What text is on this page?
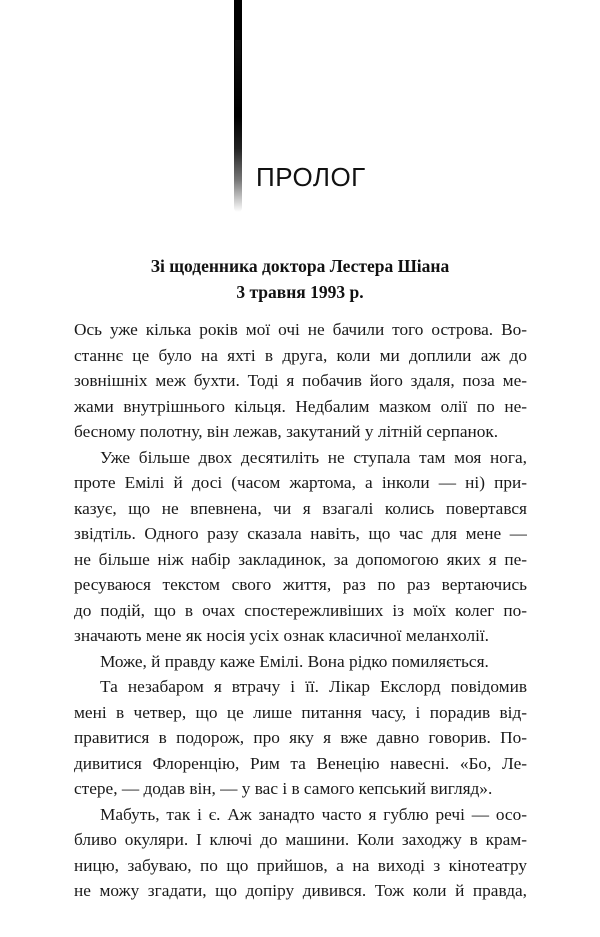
ПРОЛОГ
Зі щоденника доктора Лестера Шіана
3 травня 1993 р.
Ось уже кілька років мої очі не бачили того острова. Во-
станнє це було на яхті в друга, коли ми доплили аж до
зовнішніх меж бухти. Тоді я побачив його здаля, поза ме-
жами внутрішнього кільця. Недбалим мазком олії по не-
бесному полотну, він лежав, закутаний у літній серпанок.
Уже більше двох десятиліть не ступала там моя нога,
проте Емілі й досі (часом жартома, а інколи — ні) при-
казує, що не впевнена, чи я взагалі колись повертався
звідтіль. Одного разу сказала навіть, що час для мене —
не більше ніж набір закладинок, за допомогою яких я пе-
ресуваюся текстом свого життя, раз по раз вертаючись
до подій, що в очах спостережливіших із моїх колег по-
значають мене як носія усіх ознак класичної меланхолії.
Може, й правду каже Емілі. Вона рідко помиляється.
Та незабаром я втрачу і її. Лікар Екслорд повідомив
мені в четвер, що це лише питання часу, і порадив від-
правитися в подорож, про яку я вже давно говорив. По-
дивитися Флоренцію, Рим та Венецію навесні. «Бо, Ле-
стере, — додав він, — у вас і в самого кепський вигляд».
Мабуть, так і є. Аж занадто часто я гублю речі — осо-
бливо окуляри. І ключі до машини. Коли заходжу в крам-
ницю, забуваю, по що прийшов, а на виході з кінотеатру
не можу згадати, що допіру дивився. Тож коли й правда,
